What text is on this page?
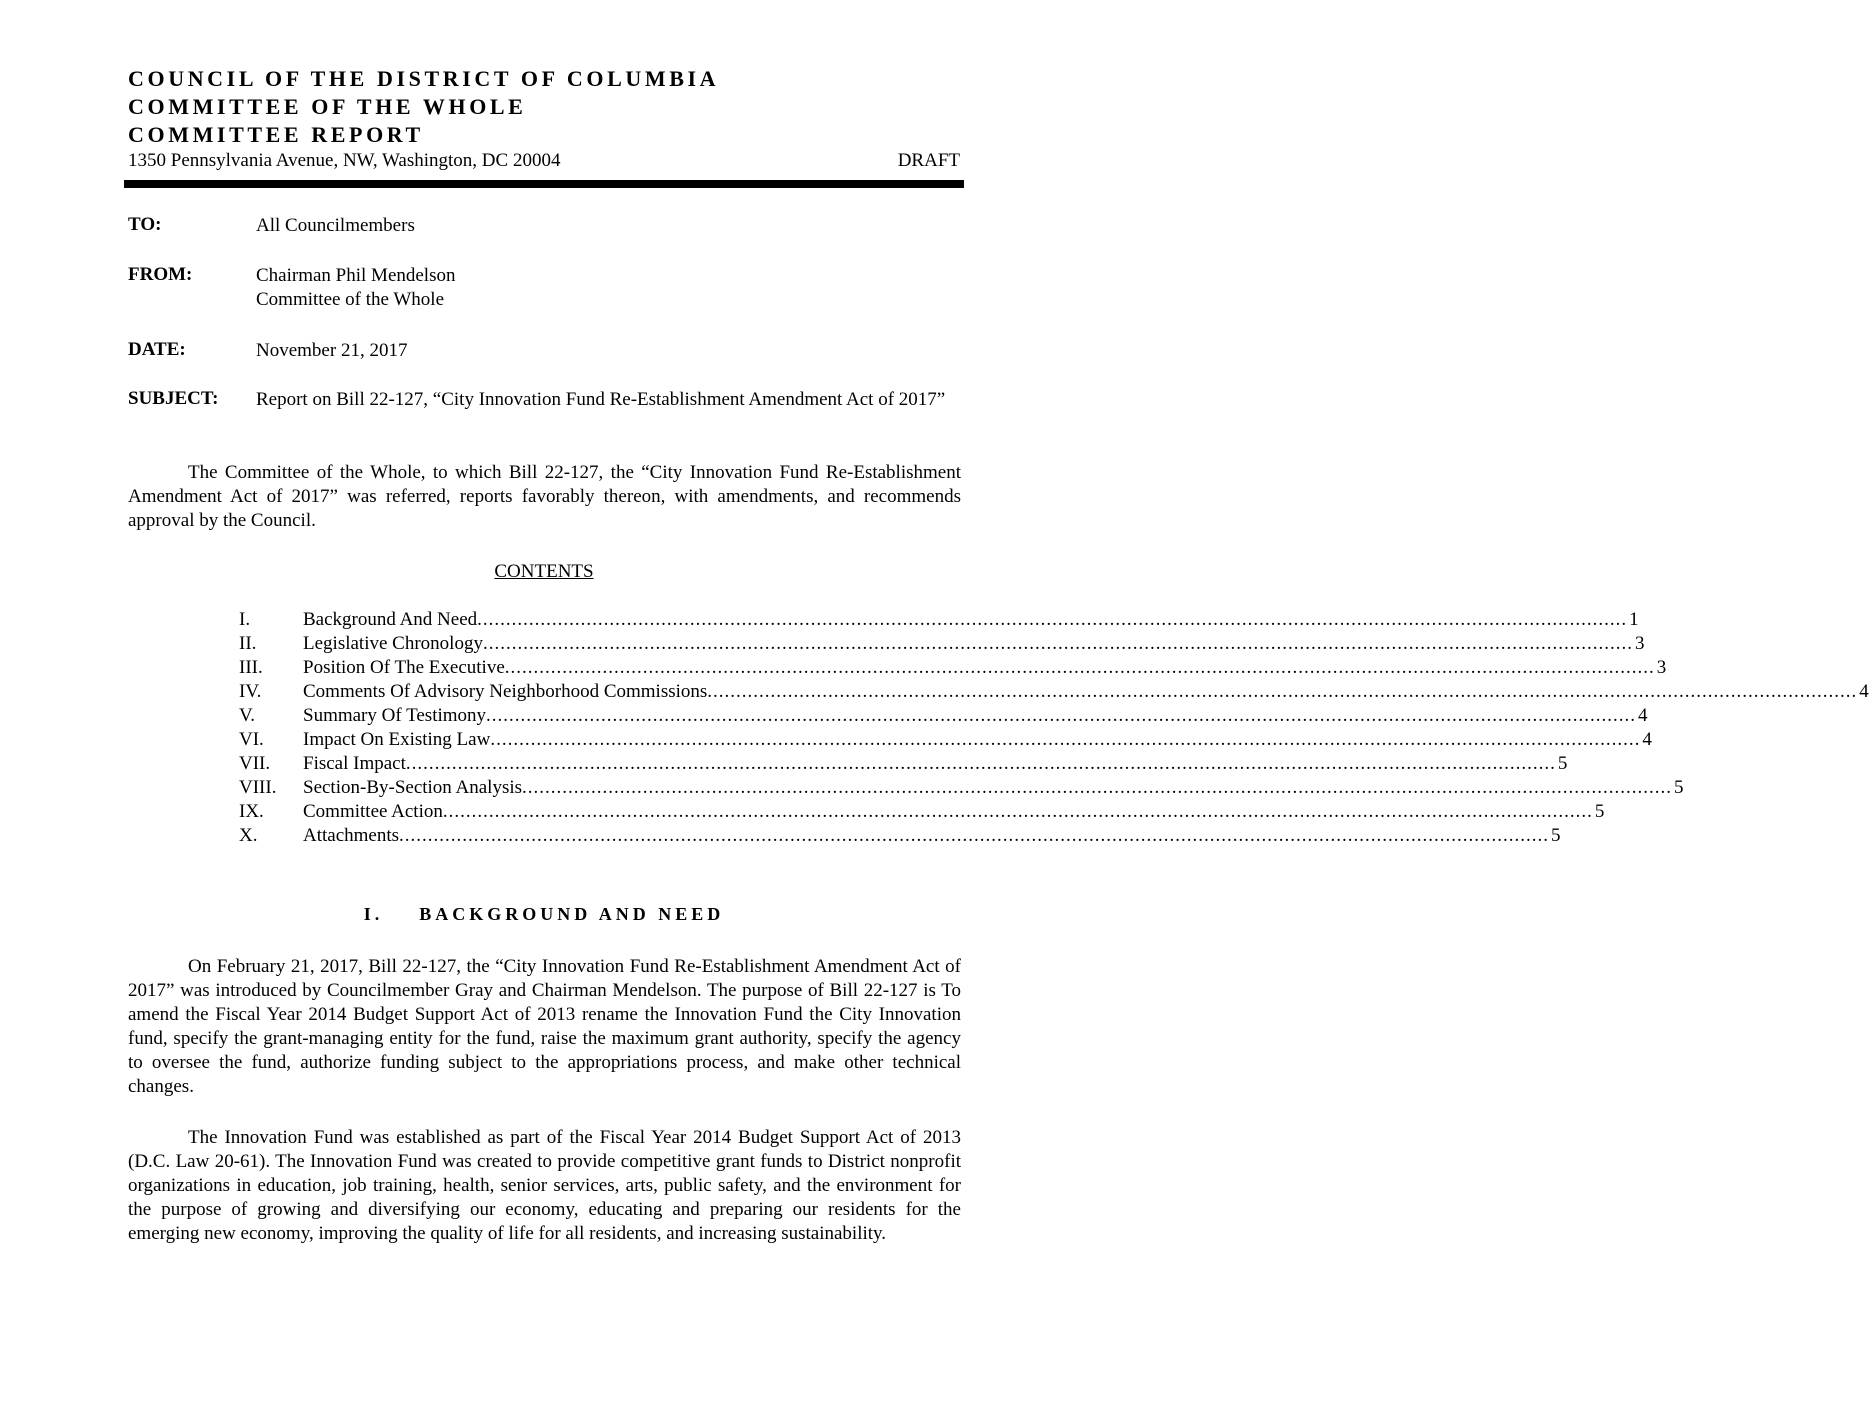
COUNCIL OF THE DISTRICT OF COLUMBIA
COMMITTEE OF THE WHOLE
COMMITTEE REPORT
1350 Pennsylvania Avenue, NW, Washington, DC 20004	DRAFT
TO:	All Councilmembers
FROM:	Chairman Phil Mendelson
Committee of the Whole
DATE:	November 21, 2017
SUBJECT: Report on Bill 22-127, “City Innovation Fund Re-Establishment Amendment Act of 2017”

The Committee of the Whole, to which Bill 22-127, the “City Innovation Fund Re-Establishment Amendment Act of 2017” was referred, reports favorably thereon, with amendments, and recommends approval by the Council.

CONTENTS
I.	Background And Need ........................................................................................................................................................................................................ 1
II.	Legislative Chronology ........................................................................................................................................................................................................ 3
III.	Position Of The Executive ........................................................................................................................................................................................................ 3
IV.	Comments Of Advisory Neighborhood Commissions ........................................................................................................................................................................................................ 4
V.	Summary Of Testimony ........................................................................................................................................................................................................ 4
VI.	Impact On Existing Law ........................................................................................................................................................................................................ 4
VII.	Fiscal Impact ........................................................................................................................................................................................................ 5
VIII.	Section-By-Section Analysis ........................................................................................................................................................................................................ 5
IX.	Committee Action ........................................................................................................................................................................................................ 5
X.	Attachments ........................................................................................................................................................................................................ 5
I. BACKGROUND AND NEED

On February 21, 2017, Bill 22-127, the “City Innovation Fund Re-Establishment Amendment Act of 2017” was introduced by Councilmember Gray and Chairman Mendelson. The purpose of Bill 22-127 is To amend the Fiscal Year 2014 Budget Support Act of 2013 rename the Innovation Fund the City Innovation fund, specify the grant-managing entity for the fund, raise the maximum grant authority, specify the agency to oversee the fund, authorize funding subject to the appropriations process, and make other technical changes.

The Innovation Fund was established as part of the Fiscal Year 2014 Budget Support Act of 2013 (D.C. Law 20-61). The Innovation Fund was created to provide competitive grant funds to District nonprofit organizations in education, job training, health, senior services, arts, public safety, and the environment for the purpose of growing and diversifying our economy, educating and preparing our residents for the emerging new economy, improving the quality of life for all residents, and increasing sustainability.
